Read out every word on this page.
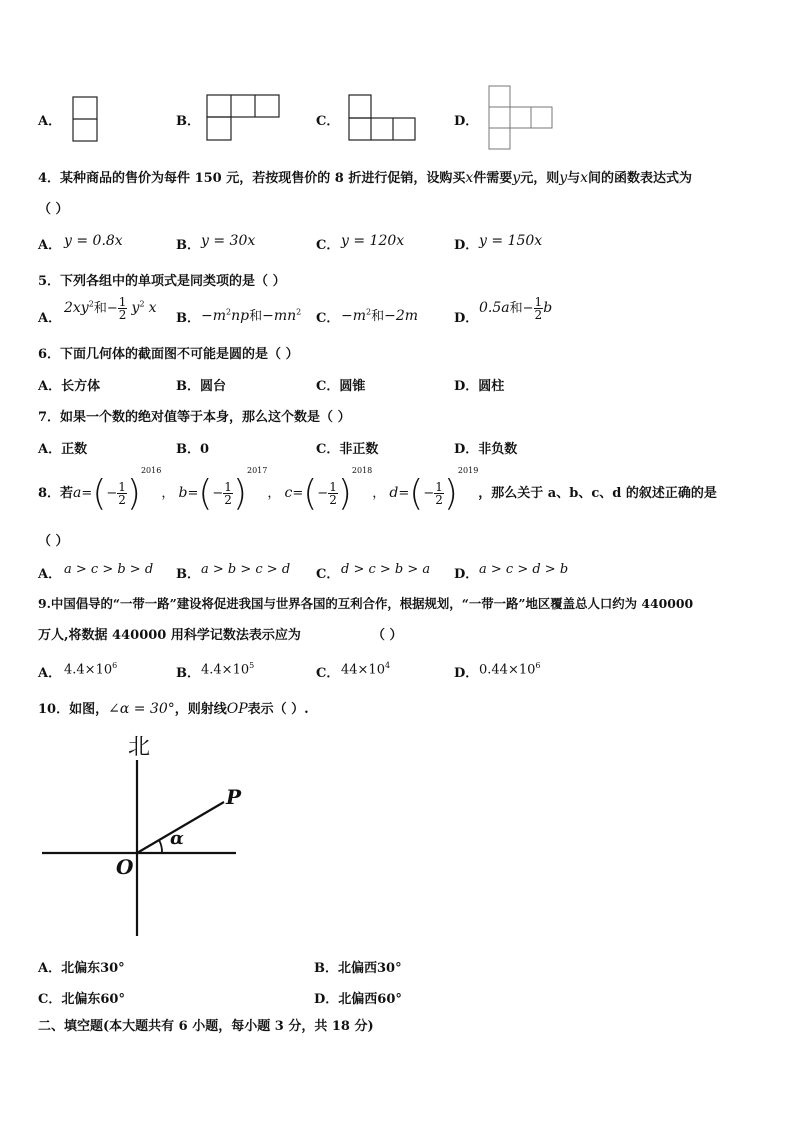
A．	B．	C．	D．
4．某种商品的售价为每件 150 元，若按现售价的 8 折进行促销，设购买x件需要y元，则y与x间的函数表达式为
（ ）
A． y = 0.8x	B． y = 30x	C． y = 120x	D． y = 150x
5．下列各组中的单项式是同类项的是（ ）
A．
$2xy^2$和− $\frac{1}{2} y^2$ x
B． $-m^2np$和$-mn^2$ C． $-m^2$和−2m	D．
0.5a和− $\frac{1}{2}$ b
6．下面几何体的截面图不可能是圆的是（ ）
A．长方体	B．圆台	C．圆锥	D．圆柱
7．如果一个数的绝对值等于本身，那么这个数是（ ）
A．正数	B．0	C．非正数	D．非负数
8．若$a=(- \frac{1}{2} )^{2016}$， $b=(- \frac{1}{2} )^{2017}$， $c=(- \frac{1}{2} )^{2018}$， $d=(- \frac{1}{2} )^{2019}$，那么关于 a、b、c、d 的叙述正确的是
（ ）
A． a > c > b > d B． a > b > c > d C． d > c > b > a D． a > c > d > b
9.中国倡导的“一带一路”建设将促进我国与世界各国的互利合作，根据规划，“一带一路”地区覆盖总人口约为 440000
万人,将数据 440000 用科学记数法表示应为	（ ）
A． $4.4\times 10^6$
B． $4.4\times 10^5$
C． $44\times 10^4$
D． $0.44\times 10^6$
10．如图，∠α = 30°，则射线OP表示（ ）.
北
P
O
α
A．北偏东30°	B．北偏西30°
C．北偏东60°	D．北偏西60°
二、填空题(本大题共有 6 小题，每小题 3 分，共 18 分)
